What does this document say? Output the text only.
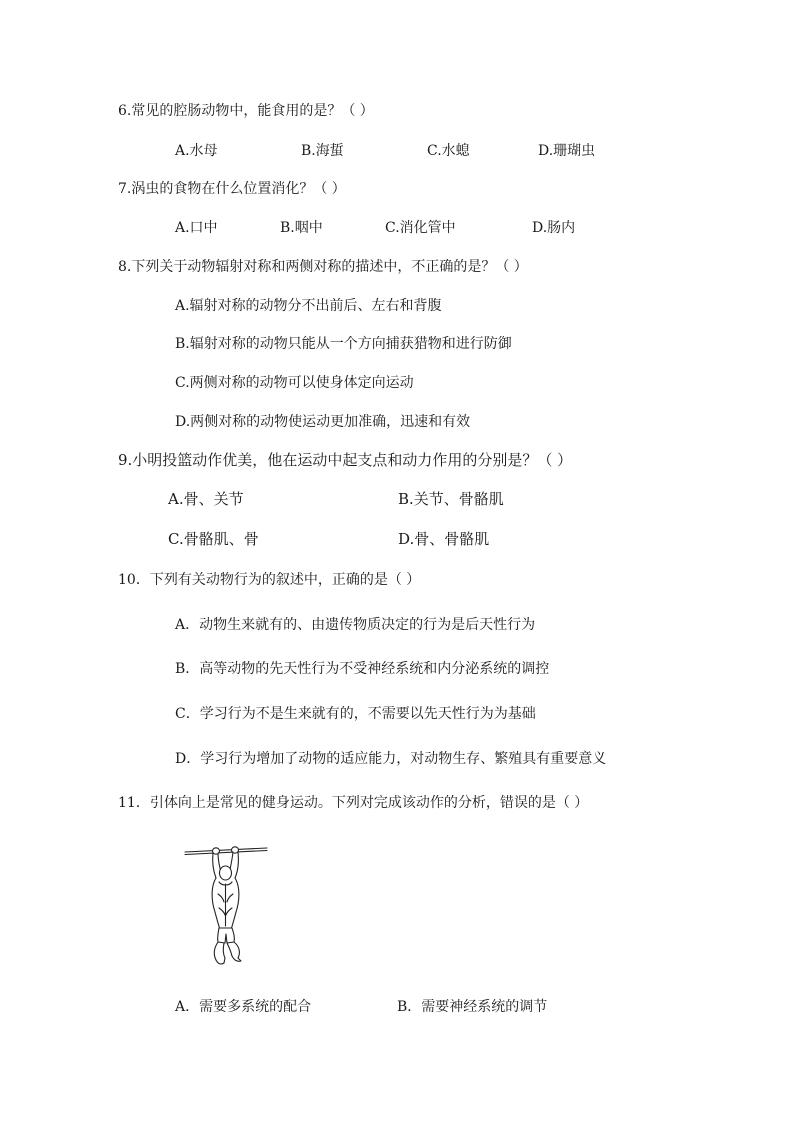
6.常见的腔肠动物中，能食用的是？（ ）
A.水母	B.海蜇	C.水螅	D.珊瑚虫
7.涡虫的食物在什么位置消化？（ ）
A.口中	B.咽中	C.消化管中	D.肠内
8.下列关于动物辐射对称和两侧对称的描述中，不正确的是？（ ）
A.辐射对称的动物分不出前后、左右和背腹
B.辐射对称的动物只能从一个方向捕获猎物和进行防御
C.两侧对称的动物可以使身体定向运动
D.两侧对称的动物使运动更加准确，迅速和有效
9.小明投篮动作优美，他在运动中起支点和动力作用的分别是？（ ）
A.骨、关节	B.关节、骨骼肌
C.骨骼肌、骨	D.骨、骨骼肌
10．下列有关动物行为的叙述中，正确的是（ ）
A．动物生来就有的、由遗传物质决定的行为是后天性行为
B．高等动物的先天性行为不受神经系统和内分泌系统的调控
C．学习行为不是生来就有的，不需要以先天性行为为基础
D．学习行为增加了动物的适应能力，对动物生存、繁殖具有重要意义
11．引体向上是常见的健身运动。下列对完成该动作的分析，错误的是（ ）
A．需要多系统的配合	B．需要神经系统的调节
